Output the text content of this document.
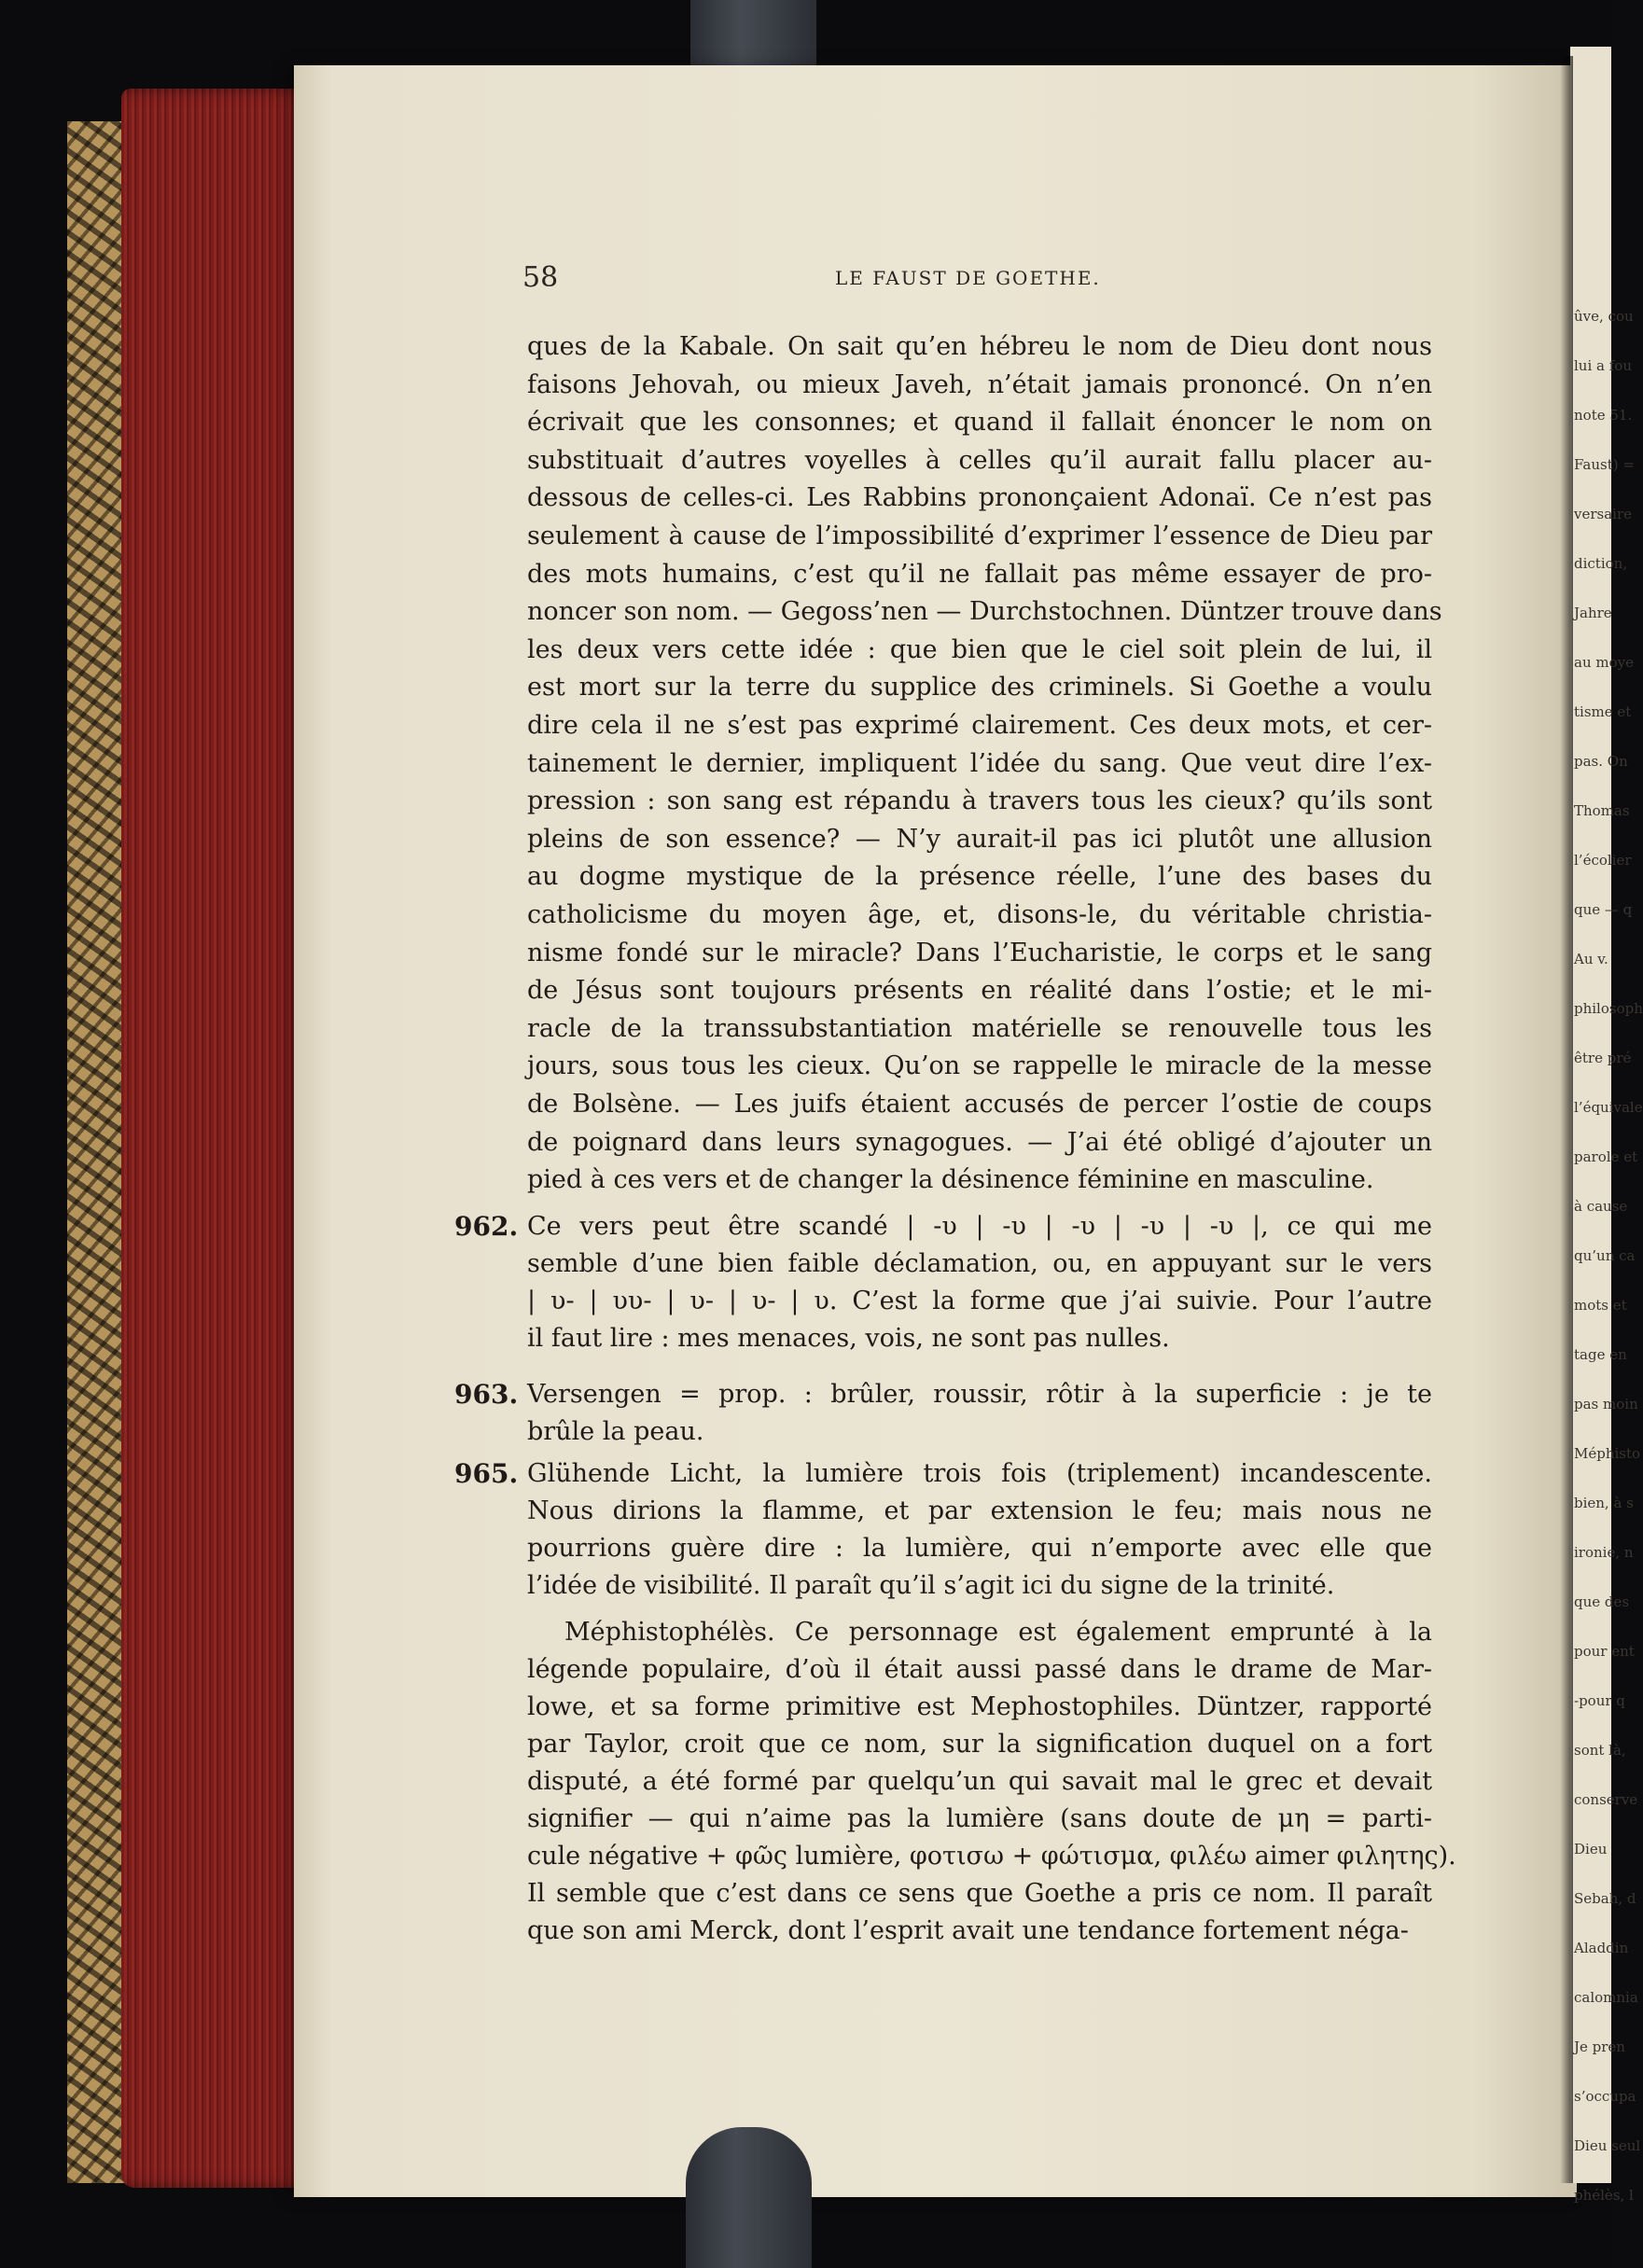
ûve, cou
lui a fou
note 51.
Faust) =
versaire
diction,
Jahre
au moye
tisme et
pas. On
Thomas
l’écolier
que — q
Au v.
philosoph
être pré
l’équivale
parole et
à cause
qu’un ca
mots et
tage en
pas moin
Méphisto
bien, à s
ironie, n
que des
pour ent
-pour q
sont là,
conserve
Dieu
Sebah, d
Aladdin
calomnia
Je pren
s’occupa
Dieu seul
phélès, l
58	LE FAUST DE GOETHE.
ques de la Kabale. On sait qu’en hébreu le nom de Dieu dont nous
faisons Jehovah, ou mieux Javeh, n’était jamais prononcé. On n’en
écrivait que les consonnes; et quand il fallait énoncer le nom on
substituait d’autres voyelles à celles qu’il aurait fallu placer au-
dessous de celles-ci. Les Rabbins prononçaient Adonaï. Ce n’est pas
seulement à cause de l’impossibilité d’exprimer l’essence de Dieu par
des mots humains, c’est qu’il ne fallait pas même essayer de pro-
noncer son nom. — Gegoss’nen — Durchstochnen. Düntzer trouve dans
les deux vers cette idée : que bien que le ciel soit plein de lui, il
est mort sur la terre du supplice des criminels. Si Goethe a voulu
dire cela il ne s’est pas exprimé clairement. Ces deux mots, et cer-
tainement le dernier, impliquent l’idée du sang. Que veut dire l’ex-
pression : son sang est répandu à travers tous les cieux? qu’ils sont
pleins de son essence? — N’y aurait-il pas ici plutôt une allusion
au dogme mystique de la présence réelle, l’une des bases du
catholicisme du moyen âge, et, disons-le, du véritable christia-
nisme fondé sur le miracle? Dans l’Eucharistie, le corps et le sang
de Jésus sont toujours présents en réalité dans l’ostie; et le mi-
racle de la transsubstantiation matérielle se renouvelle tous les
jours, sous tous les cieux. Qu’on se rappelle le miracle de la messe
de Bolsène. — Les juifs étaient accusés de percer l’ostie de coups
de poignard dans leurs synagogues. — J’ai été obligé d’ajouter un
pied à ces vers et de changer la désinence féminine en masculine.
962. Ce vers peut être scandé | -υ | -υ | -υ | -υ | -υ |, ce qui me
semble d’une bien faible déclamation, ou, en appuyant sur le vers
| υ- | υυ- | υ- | υ- | υ. C’est la forme que j’ai suivie. Pour l’autre
il faut lire : mes menaces, vois, ne sont pas nulles.
963. Versengen = prop. : brûler, roussir, rôtir à la superficie : je te
brûle la peau.
965. Glühende Licht, la lumière trois fois (triplement) incandescente.
Nous dirions la flamme, et par extension le feu; mais nous ne
pourrions guère dire : la lumière, qui n’emporte avec elle que
l’idée de visibilité. Il paraît qu’il s’agit ici du signe de la trinité.
Méphistophélès. Ce personnage est également emprunté à la
légende populaire, d’où il était aussi passé dans le drame de Mar-
lowe, et sa forme primitive est Mephostophiles. Düntzer, rapporté
par Taylor, croit que ce nom, sur la signification duquel on a fort
disputé, a été formé par quelqu’un qui savait mal le grec et devait
signifier — qui n’aime pas la lumière (sans doute de μη = parti-
cule négative + φῶς lumière, φοτισω + φώτισμα, φιλέω aimer φιλητης).
Il semble que c’est dans ce sens que Goethe a pris ce nom. Il paraît
que son ami Merck, dont l’esprit avait une tendance fortement néga-
